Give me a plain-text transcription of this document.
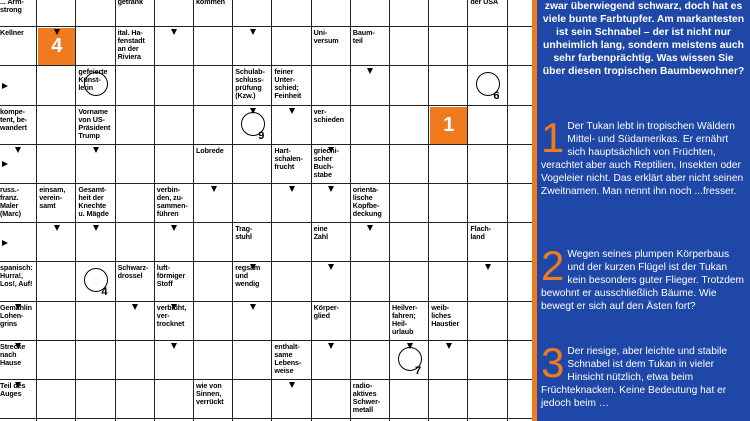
... Arm-
strong

getränk	
kommen	
der USA
Kellner	ital. Ha-
fenstadt
an der
Riviera
Uni-
versum
Baum-
teil
gefeierte
Künst-
lerin
Schulab-
schluss-
prüfung
(Kzw.)
feiner
Unter-
schied;
Feinheit
kompe-
tent, be-
wandert
Vorname
von US-
Präsident
Trump
ver-
schieden
Lobrede	Hart-
schalen-
frucht
griechi-
scher
Buch-
stabe
russ.-
franz.
Maler
(Marc)
einsam,
verein-
samt
Gesamt-
heit der
Knechte
u. Mägde
verbin-
den, zu-
sammen-
führen
orienta-
lische
Kopfbe-
deckung
Trag-
stuhl
eine
Zahl
Flach-
land
spanisch:
Hurra!,
Los!, Auf!
Schwarz-
drossel
luft-
förmiger
Stoff
regsam
und
wendig
Gemahlin
Lohen-
grins
verblüht,
ver-
trocknet
Körper-
glied
Heilver-
fahren;
Heil-
urlaub
weib-
liches
Haustier
Strecke
nach
Hause
enthalt-
same
Lebens-
weise
Teil des
Auges
wie von
Sinnen,
verrückt
radio-
aktives
Schwer-
metall
4
1
9
6
4
7
zwar überwiegend schwarz, doch hat es viele bunte Farbtupfer. Am markantesten ist sein Schnabel – der ist nicht nur unheimlich lang, sondern meistens auch sehr farbenprächtig. Was wissen Sie über diesen tropischen Baumbewohner?
1 Der Tukan lebt in tropischen Wäldern Mittel- und Südamerikas. Er ernährt sich hauptsächlich von Früchten, verachtet aber auch Reptilien, Insekten oder Vogeleier nicht. Das erklärt aber nicht seinen Zweitnamen. Man nennt ihn noch ...fresser.
2 Wegen seines plumpen Körperbaus und der kurzen Flügel ist der Tukan kein besonders guter Flieger. Trotzdem bewohnt er ausschließlich Bäume. Wie bewegt er sich auf den Ästen fort?
3 Der riesige, aber leichte und stabile Schnabel ist dem Tukan in vieler Hinsicht nützlich, etwa beim Früchteknacken. Keine Bedeutung hat er jedoch beim …
